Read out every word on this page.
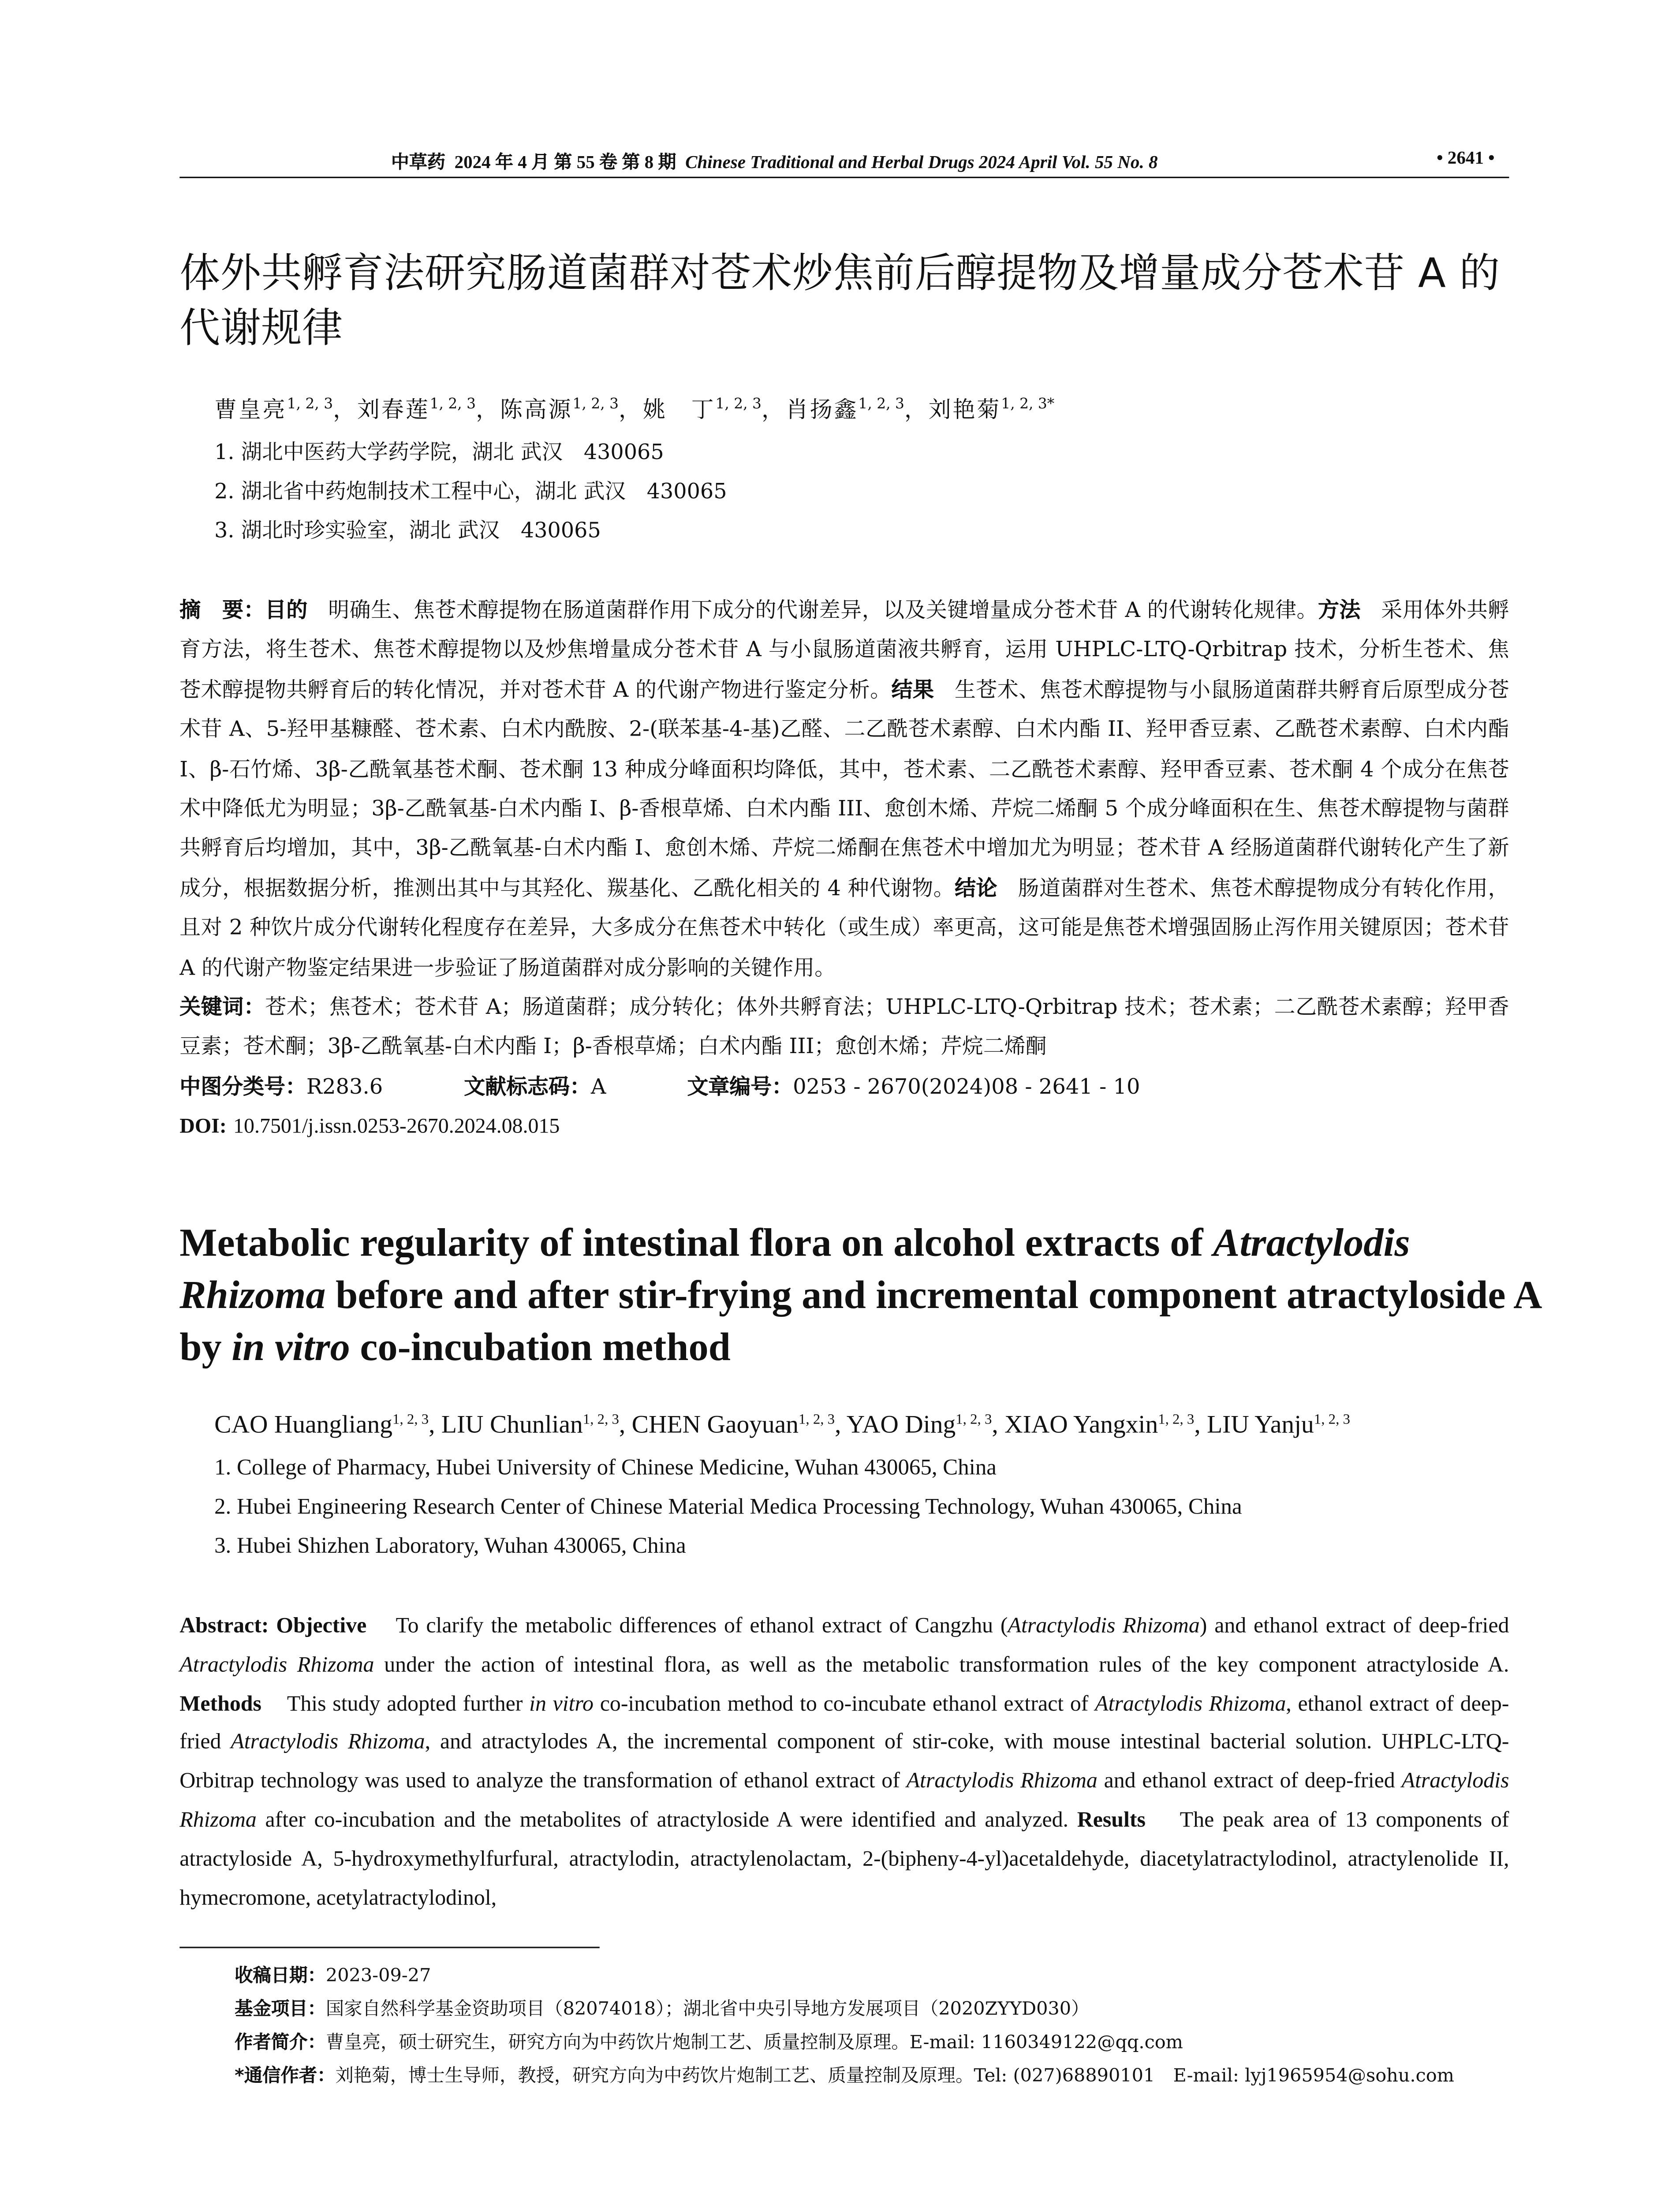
中草药 2024 年 4 月 第 55 卷 第 8 期 Chinese Traditional and Herbal Drugs 2024 April Vol. 55 No. 8	• 2641 •
体外共孵育法研究肠道菌群对苍术炒焦前后醇提物及增量成分苍术苷 A 的
代谢规律
曹皇亮$^{1, 2, 3}$，刘春莲$^{1, 2, 3}$，陈高源$^{1, 2, 3}$，姚　丁$^{1, 2, 3}$，肖扬鑫$^{1, 2, 3}$，刘艳菊$^{1, 2, 3*}$
1. 湖北中医药大学药学院，湖北 武汉　430065
2. 湖北省中药炮制技术工程中心，湖北 武汉　430065
3. 湖北时珍实验室，湖北 武汉　430065

摘　要：目的	明确生、焦苍术醇提物在肠道菌群作用下成分的代谢差异，以及关键增量成分苍术苷 A 的代谢转化规律。方法	采用体外共孵育方法，将生苍术、焦苍术醇提物以及炒焦增量成分苍术苷 A 与小鼠肠道菌液共孵育，运用 UHPLC-LTQ-Qrbitrap 技术，分析生苍术、焦苍术醇提物共孵育后的转化情况，并对苍术苷 A 的代谢产物进行鉴定分析。结果	生苍术、焦苍术醇提物与小鼠肠道菌群共孵育后原型成分苍术苷 A、5-羟甲基糠醛、苍术素、白术内酰胺、2-(联苯基-4-基)乙醛、二乙酰苍术素醇、白术内酯 II、羟甲香豆素、乙酰苍术素醇、白术内酯 I、β-石竹烯、3β-乙酰氧基苍术酮、苍术酮 13 种成分峰面积均降低，其中，苍术素、二乙酰苍术素醇、羟甲香豆素、苍术酮 4 个成分在焦苍术中降低尤为明显；3β-乙酰氧基-白术内酯 I、β-香根草烯、白术内酯 III、愈创木烯、芹烷二烯酮 5 个成分峰面积在生、焦苍术醇提物与菌群共孵育后均增加，其中，3β-乙酰氧基-白术内酯 I、愈创木烯、芹烷二烯酮在焦苍术中增加尤为明显；苍术苷 A 经肠道菌群代谢转化产生了新成分，根据数据分析，推测出其中与其羟化、羰基化、乙酰化相关的 4 种代谢物。结论	肠道菌群对生苍术、焦苍术醇提物成分有转化作用，且对 2 种饮片成分代谢转化程度存在差异，大多成分在焦苍术中转化（或生成）率更高，这可能是焦苍术增强固肠止泻作用关键原因；苍术苷 A 的代谢产物鉴定结果进一步验证了肠道菌群对成分影响的关键作用。

关键词：苍术；焦苍术；苍术苷 A；肠道菌群；成分转化；体外共孵育法；UHPLC-LTQ-Qrbitrap 技术；苍术素；二乙酰苍术素醇；羟甲香豆素；苍术酮；3β-乙酰氧基-白术内酯 I；β-香根草烯；白术内酯 III；愈创木烯；芹烷二烯酮

中图分类号：R283.6	文献标志码：A	文章编号：0253 - 2670(2024)08 - 2641 - 10

DOI: 10.7501/j.issn.0253-2670.2024.08.015

Metabolic regularity of intestinal flora on alcohol extracts of Atractylodis Rhizoma before and after stir-frying and incremental component atractyloside A by in vitro co-incubation method
CAO Huangliang$^{1, 2, 3}$, LIU Chunlian$^{1, 2, 3}$, CHEN Gaoyuan$^{1, 2, 3}$, YAO Ding$^{1, 2, 3}$, XIAO Yangxin$^{1, 2, 3}$, LIU Yanju$^{1, 2, 3}$
1. College of Pharmacy, Hubei University of Chinese Medicine, Wuhan 430065, China
2. Hubei Engineering Research Center of Chinese Material Medica Processing Technology, Wuhan 430065, China
3. Hubei Shizhen Laboratory, Wuhan 430065, China
Abstract: Objective	To clarify the metabolic differences of ethanol extract of Cangzhu (Atractylodis Rhizoma) and ethanol extract of deep-fried Atractylodis Rhizoma under the action of intestinal flora, as well as the metabolic transformation rules of the key component atractyloside A. Methods	This study adopted further in vitro co-incubation method to co-incubate ethanol extract of Atractylodis Rhizoma, ethanol extract of deep-fried Atractylodis Rhizoma, and atractylodes A, the incremental component of stir-coke, with mouse intestinal bacterial solution. UHPLC-LTQ-Orbitrap technology was used to analyze the transformation of ethanol extract of Atractylodis Rhizoma and ethanol extract of deep-fried Atractylodis Rhizoma after co-incubation and the metabolites of atractyloside A were identified and analyzed. Results	The peak area of 13 components of atractyloside A, 5-hydroxymethylfurfural, atractylodin, atractylenolactam, 2-(bipheny-4-yl)acetaldehyde, diacetylatractylodinol, atractylenolide II, hymecromone, acetylatractylodinol,
收稿日期：2023-09-27
基金项目：国家自然科学基金资助项目（82074018）；湖北省中央引导地方发展项目（2020ZYYD030）
作者简介：曹皇亮，硕士研究生，研究方向为中药饮片炮制工艺、质量控制及原理。E-mail: 1160349122@qq.com
*通信作者：刘艳菊，博士生导师，教授，研究方向为中药饮片炮制工艺、质量控制及原理。Tel: (027)68890101　E-mail: lyj1965954@sohu.com
